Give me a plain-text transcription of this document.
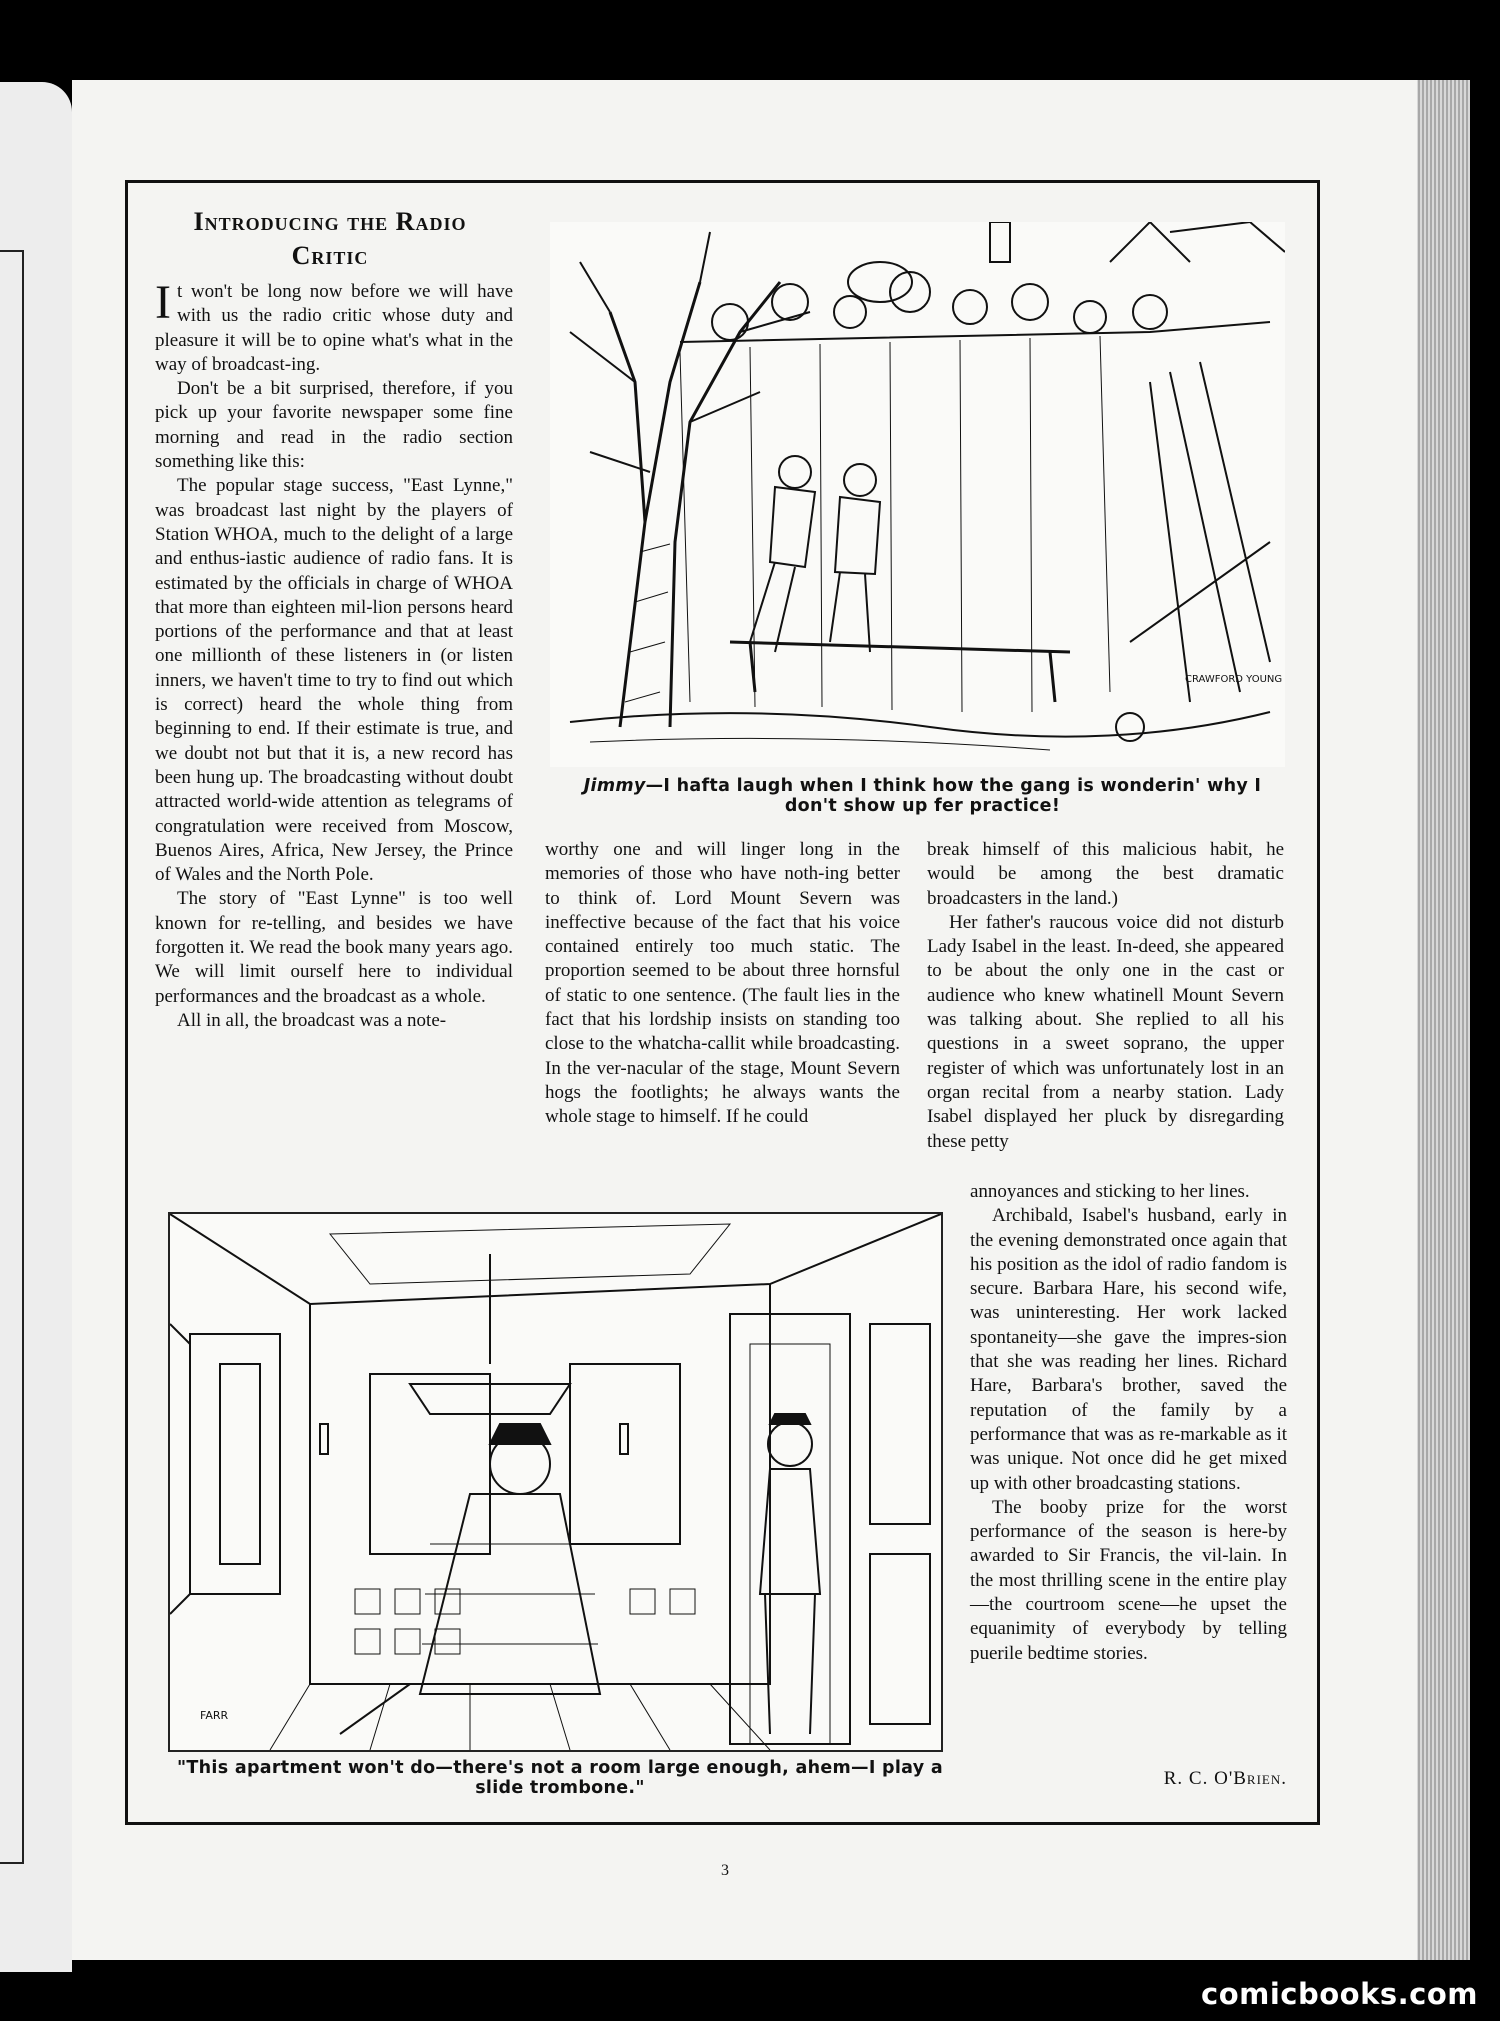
Introducing the Radio
Critic

It won't be long now before we will have with us the radio critic whose duty and pleasure it will be to opine what's what in the way of broadcast-ing.

Don't be a bit surprised, therefore, if you pick up your favorite newspaper some fine morning and read in the radio section something like this:

The popular stage success, "East Lynne," was broadcast last night by the players of Station WHOA, much to the delight of a large and enthus-iastic audience of radio fans. It is estimated by the officials in charge of WHOA that more than eighteen mil-lion persons heard portions of the performance and that at least one millionth of these listeners in (or listen inners, we haven't time to try to find out which is correct) heard the whole thing from beginning to end. If their estimate is true, and we doubt not but that it is, a new record has been hung up. The broadcasting without doubt attracted world-wide attention as telegrams of congratulation were received from Moscow, Buenos Aires, Africa, New Jersey, the Prince of Wales and the North Pole.

The story of "East Lynne" is too well known for re-telling, and besides we have forgotten it. We read the book many years ago. We will limit ourself here to individual performances and the broadcast as a whole.

All in all, the broadcast was a note-

worthy one and will linger long in the memories of those who have noth-ing better to think of. Lord Mount Severn was ineffective because of the fact that his voice contained entirely too much static. The proportion seemed to be about three hornsful of static to one sentence. (The fault lies in the fact that his lordship insists on standing too close to the whatcha-callit while broadcasting. In the ver-nacular of the stage, Mount Severn hogs the footlights; he always wants the whole stage to himself. If he could

break himself of this malicious habit, he would be among the best dramatic broadcasters in the land.)

Her father's raucous voice did not disturb Lady Isabel in the least. In-deed, she appeared to be about the only one in the cast or audience who knew whatinell Mount Severn was talking about. She replied to all his questions in a sweet soprano, the upper register of which was unfortunately lost in an organ recital from a nearby station. Lady Isabel displayed her pluck by disregarding these petty

annoyances and sticking to her lines.

Archibald, Isabel's husband, early in the evening demonstrated once again that his position as the idol of radio fandom is secure. Barbara Hare, his second wife, was uninteresting. Her work lacked spontaneity—she gave the impres-sion that she was reading her lines. Richard Hare, Barbara's brother, saved the reputation of the family by a performance that was as re-markable as it was unique. Not once did he get mixed up with other broadcasting stations.

The booby prize for the worst performance of the season is here-by awarded to Sir Francis, the vil-lain. In the most thrilling scene in the entire play—the courtroom scene—he upset the equanimity of everybody by telling puerile bedtime stories.

R. C. O'Brien.
CRAWFORD YOUNG
Jimmy—I hafta laugh when I think how the gang is wonderin' why I don't show up fer practice!
FARR
"This apartment won't do—there's not a room large enough, ahem—I play a slide trombone."
3
comicbooks.com
